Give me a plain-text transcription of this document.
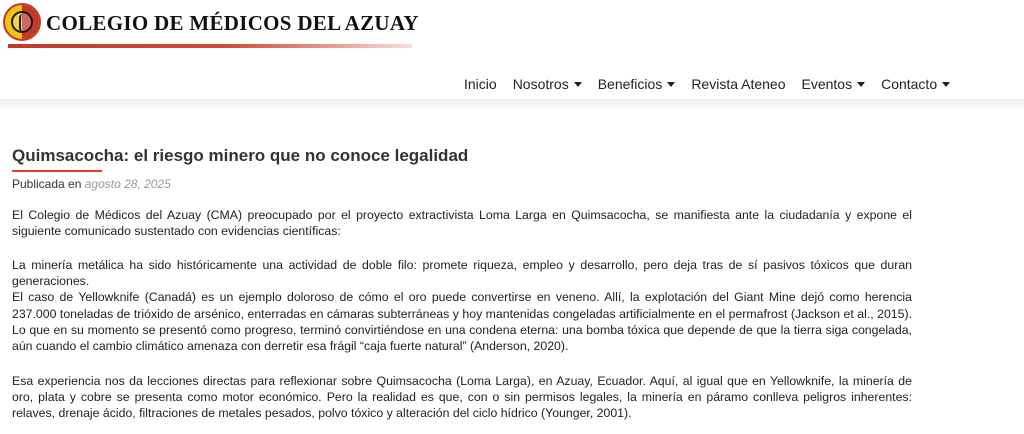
COLEGIO DE MÉDICOS DEL AZUAY
Inicio Nosotros Beneficios Revista Ateneo Eventos Contacto
Quimsacocha: el riesgo minero que no conoce legalidad
Publicada en agosto 28, 2025

El Colegio de Médicos del Azuay (CMA) preocupado por el proyecto extractivista Loma Larga en Quimsacocha, se manifiesta ante la ciudadanía y expone el siguiente comunicado sustentado con evidencias científicas:

La minería metálica ha sido históricamente una actividad de doble filo: promete riqueza, empleo y desarrollo, pero deja tras de sí pasivos tóxicos que duran generaciones.
El caso de Yellowknife (Canadá) es un ejemplo doloroso de cómo el oro puede convertirse en veneno. Allí, la explotación del Giant Mine dejó como herencia 237.000 toneladas de trióxido de arsénico, enterradas en cámaras subterráneas y hoy mantenidas congeladas artificialmente en el permafrost (Jackson et al., 2015). Lo que en su momento se presentó como progreso, terminó convirtiéndose en una condena eterna: una bomba tóxica que depende de que la tierra siga congelada, aún cuando el cambio climático amenaza con derretir esa frágil “caja fuerte natural” (Anderson, 2020).

Esa experiencia nos da lecciones directas para reflexionar sobre Quimsacocha (Loma Larga), en Azuay, Ecuador. Aquí, al igual que en Yellowknife, la minería de oro, plata y cobre se presenta como motor económico. Pero la realidad es que, con o sin permisos legales, la minería en páramo conlleva peligros inherentes: relaves, drenaje ácido, filtraciones de metales pesados, polvo tóxico y alteración del ciclo hídrico (Younger, 2001).
